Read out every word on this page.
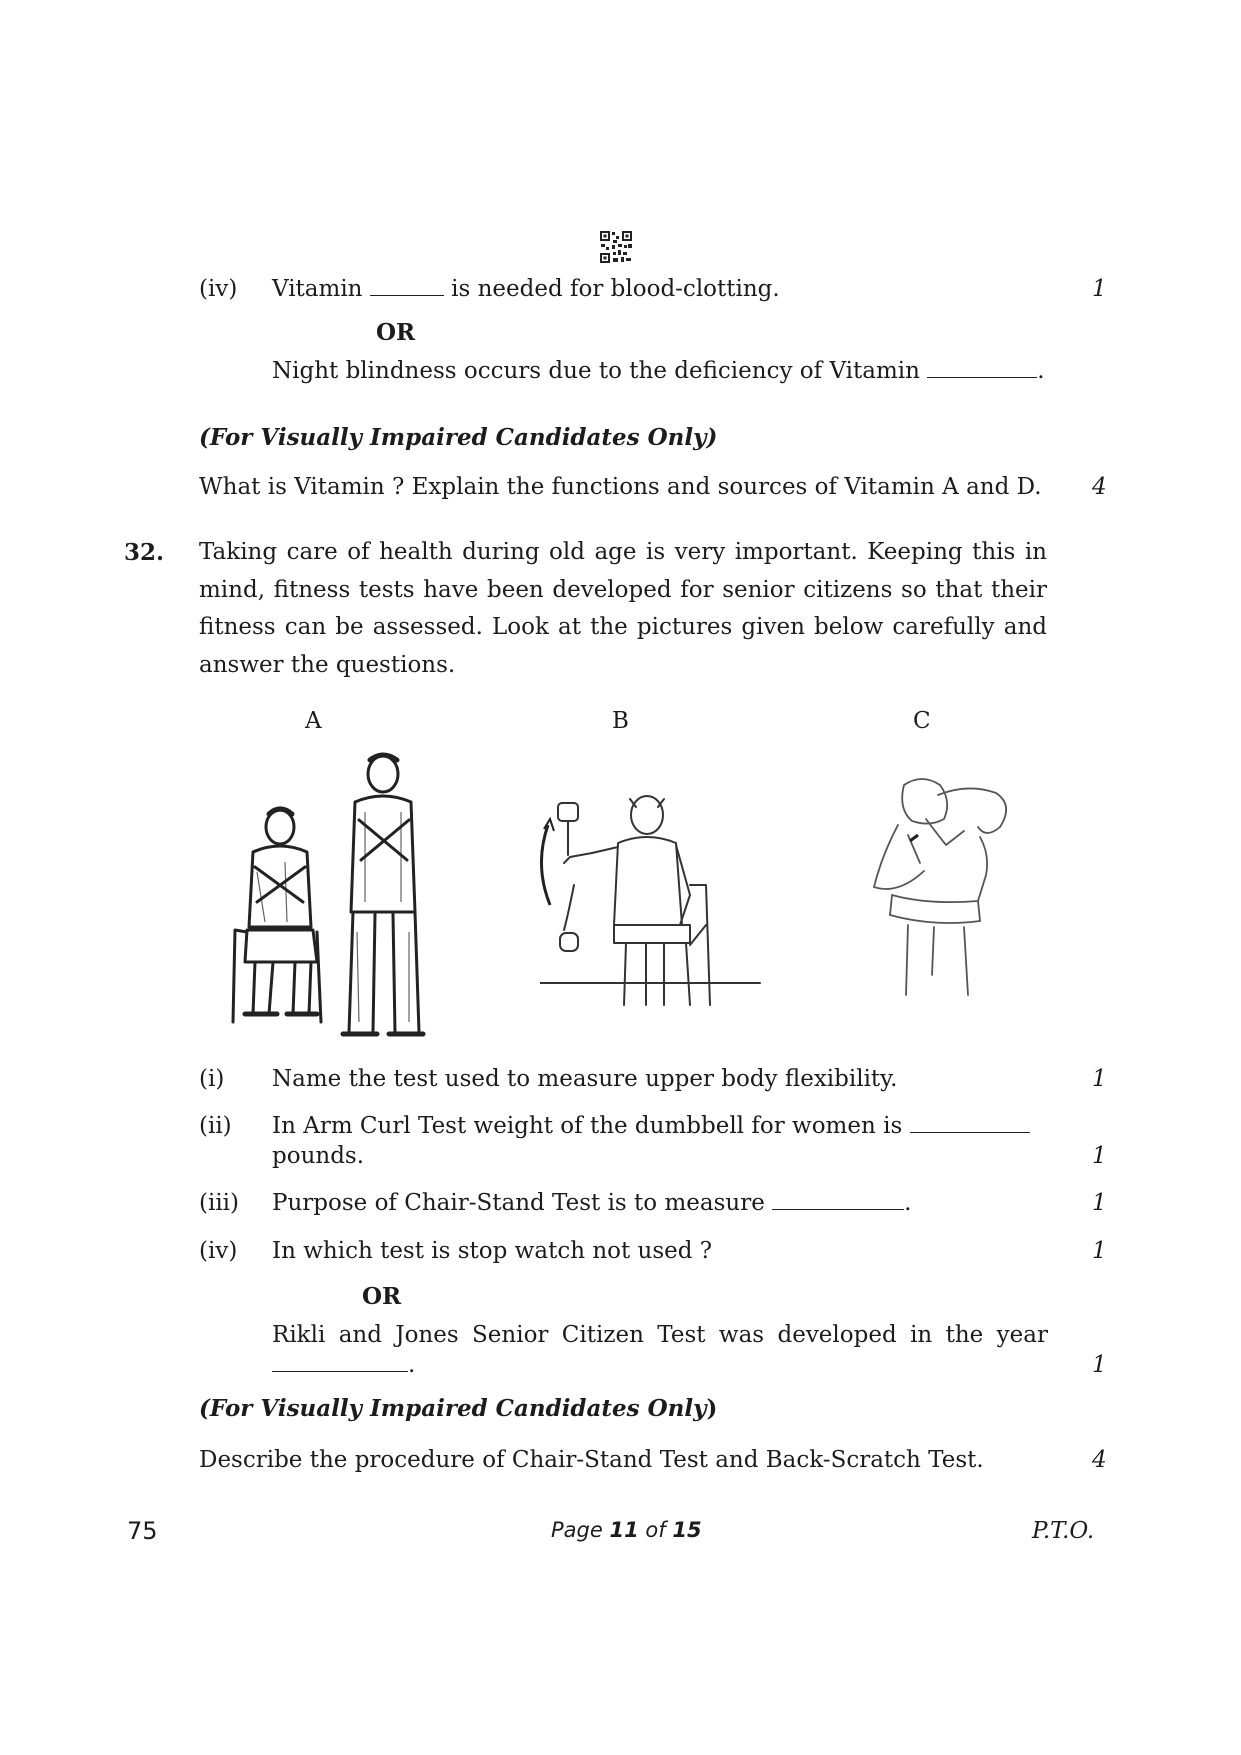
(iv) Vitamin	is needed for blood-clotting.	1
OR
Night blindness occurs due to the deficiency of Vitamin	.
(For Visually Impaired Candidates Only)
What is Vitamin ? Explain the functions and sources of Vitamin A and D. 4
32. Taking care of health during old age is very important. Keeping this in mind, fitness tests have been developed for senior citizens so that their fitness can be assessed. Look at the pictures given below carefully and answer the questions.
A	B	C
(i) Name the test used to measure upper body flexibility.	1
(ii) In Arm Curl Test weight of the dumbbell for women is
pounds.	1
(iii) Purpose of Chair-Stand Test is to measure	.	1
(iv) In which test is stop watch not used ?	1
OR
Rikli and Jones Senior Citizen Test was developed in the year
.	1
(For Visually Impaired Candidates Only)
Describe the procedure of Chair-Stand Test and Back-Scratch Test.	4
75	Page 11 of 15	P.T.O.
